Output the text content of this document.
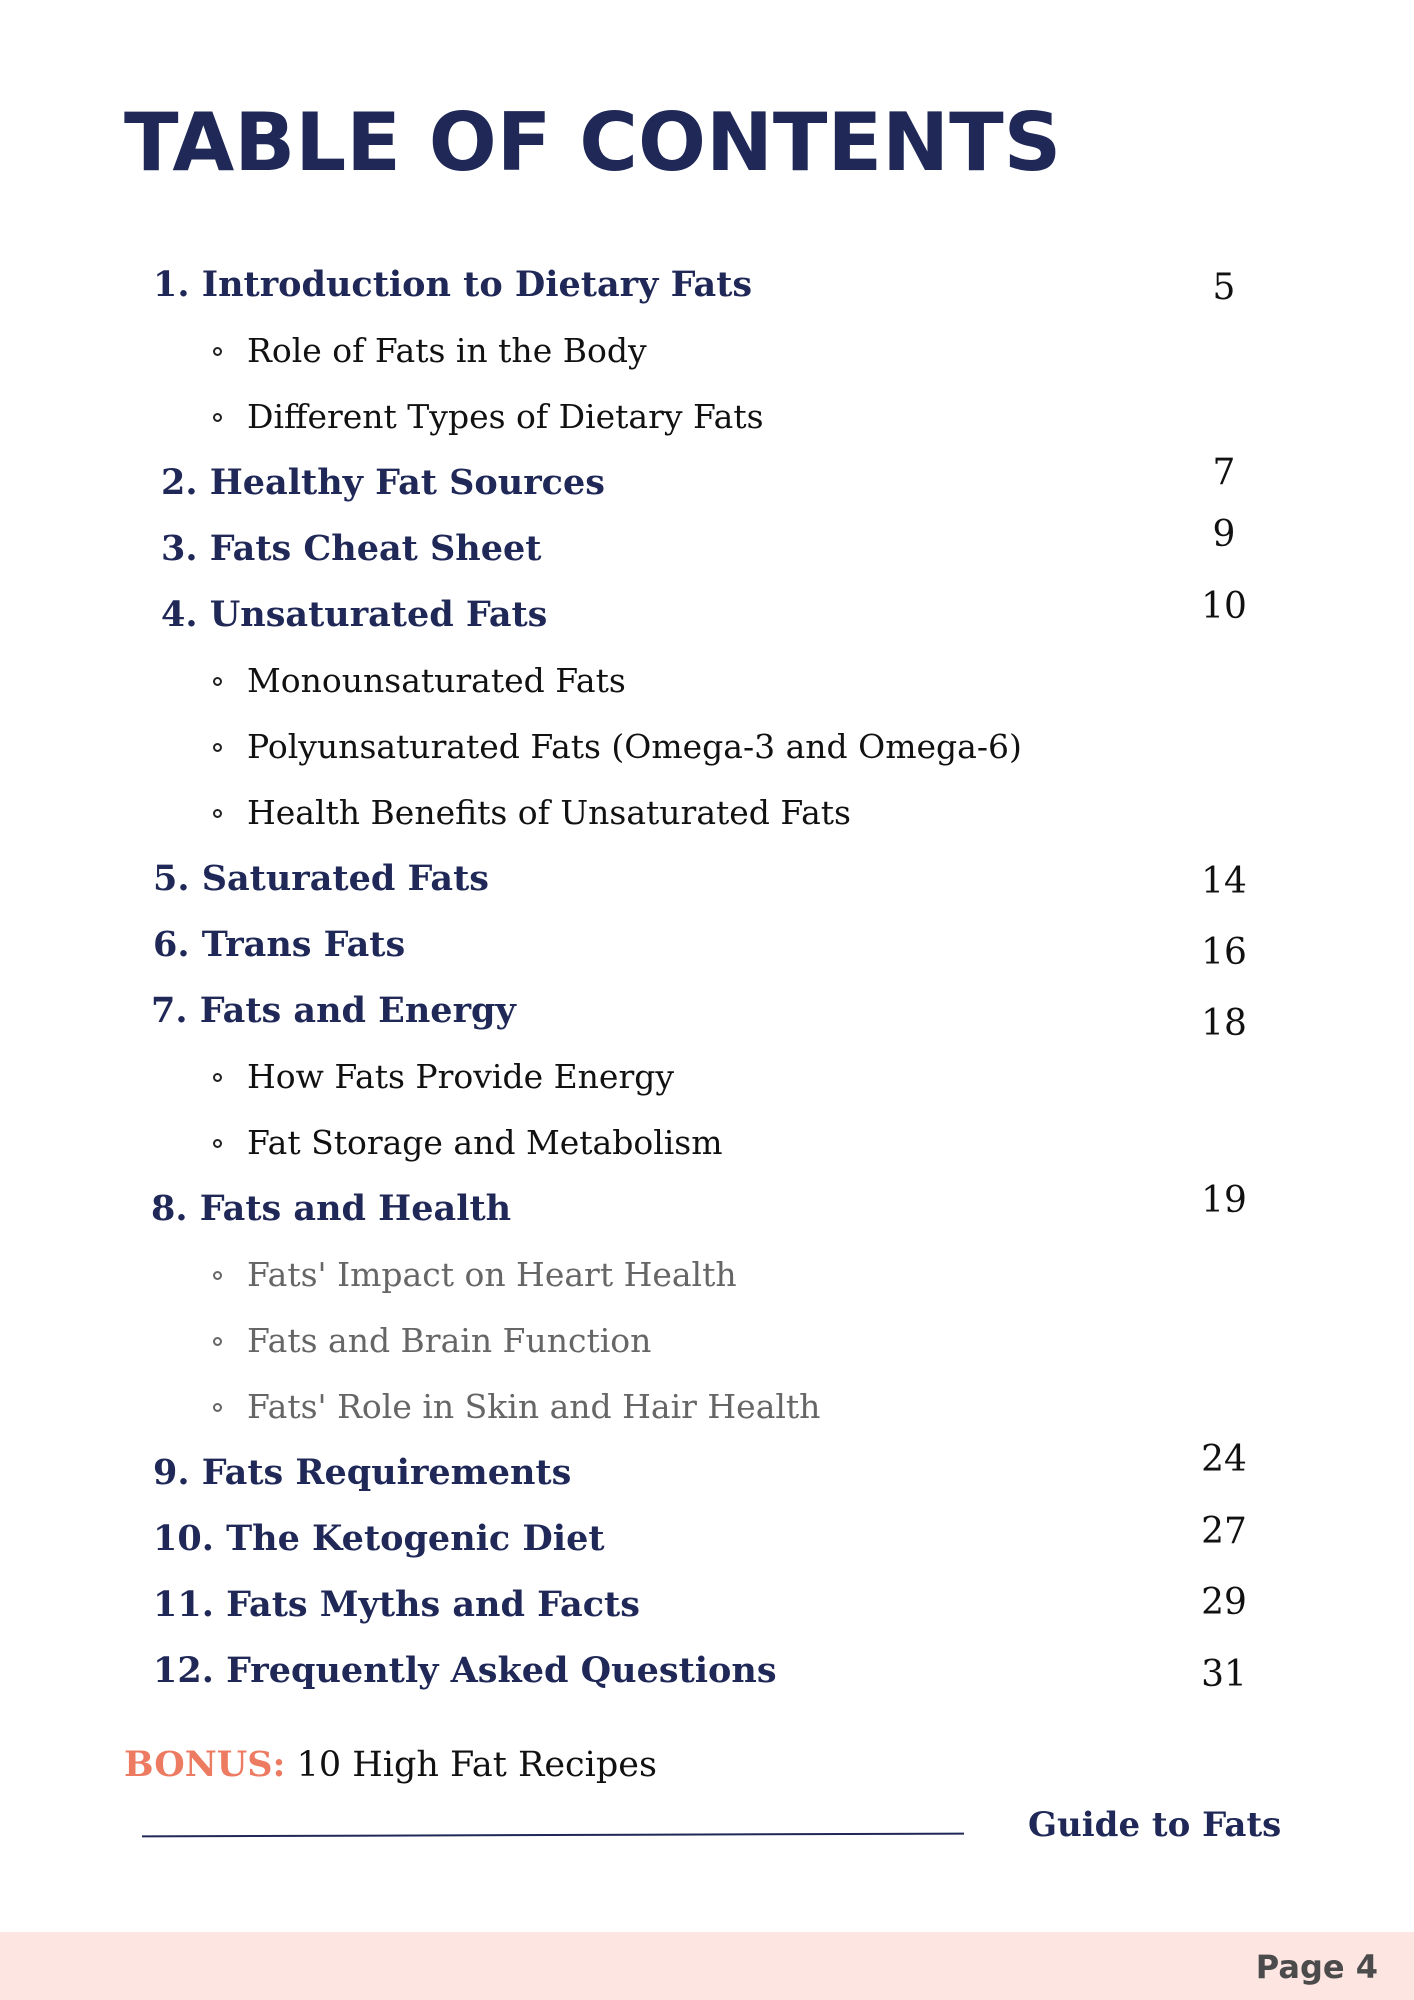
TABLE OF CONTENTS
1. Introduction to Dietary Fats	5
Role of Fats in the Body
Different Types of Dietary Fats
2. Healthy Fat Sources	7
3. Fats Cheat Sheet	9
4. Unsaturated Fats	10
Monounsaturated Fats
Polyunsaturated Fats (Omega-3 and Omega-6)
Health Benefits of Unsaturated Fats
5. Saturated Fats	14
6. Trans Fats	16
7. Fats and Energy	18
How Fats Provide Energy
Fat Storage and Metabolism
8. Fats and Health	19
Fats' Impact on Heart Health
Fats and Brain Function
Fats' Role in Skin and Hair Health
9. Fats Requirements	24
10. The Ketogenic Diet	27
11. Fats Myths and Facts	29
12. Frequently Asked Questions	31
BONUS: 10 High Fat Recipes
Guide to Fats
Page 4
